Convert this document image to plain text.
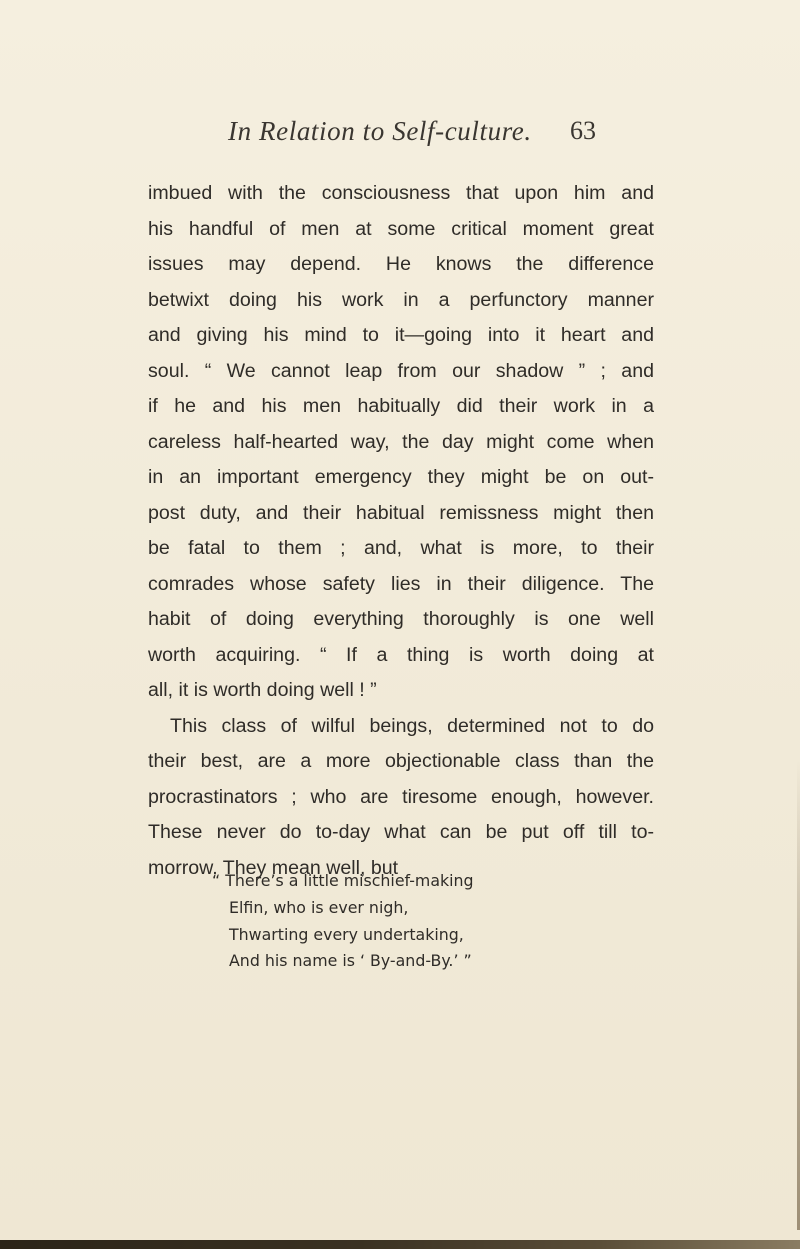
In Relation to Self-culture. 63
imbued with the consciousness that upon him and
his handful of men at some critical moment great
issues may depend. He knows the difference
betwixt doing his work in a perfunctory manner
and giving his mind to it—going into it heart and
soul. “ We cannot leap from our shadow ” ; and
if he and his men habitually did their work in a
careless half-hearted way, the day might come when
in an important emergency they might be on out-
post duty, and their habitual remissness might then
be fatal to them ; and, what is more, to their
comrades whose safety lies in their diligence. The
habit of doing everything thoroughly is one well
worth acquiring. “ If a thing is worth doing at
all, it is worth doing well ! ”
This class of wilful beings, determined not to do
their best, are a more objectionable class than the
procrastinators ; who are tiresome enough, however.
These never do to-day what can be put off till to-
morrow. They mean well, but
“ There’s a little mischief-making
Elfin, who is ever nigh,
Thwarting every undertaking,
And his name is ‘ By-and-By.’ ”
